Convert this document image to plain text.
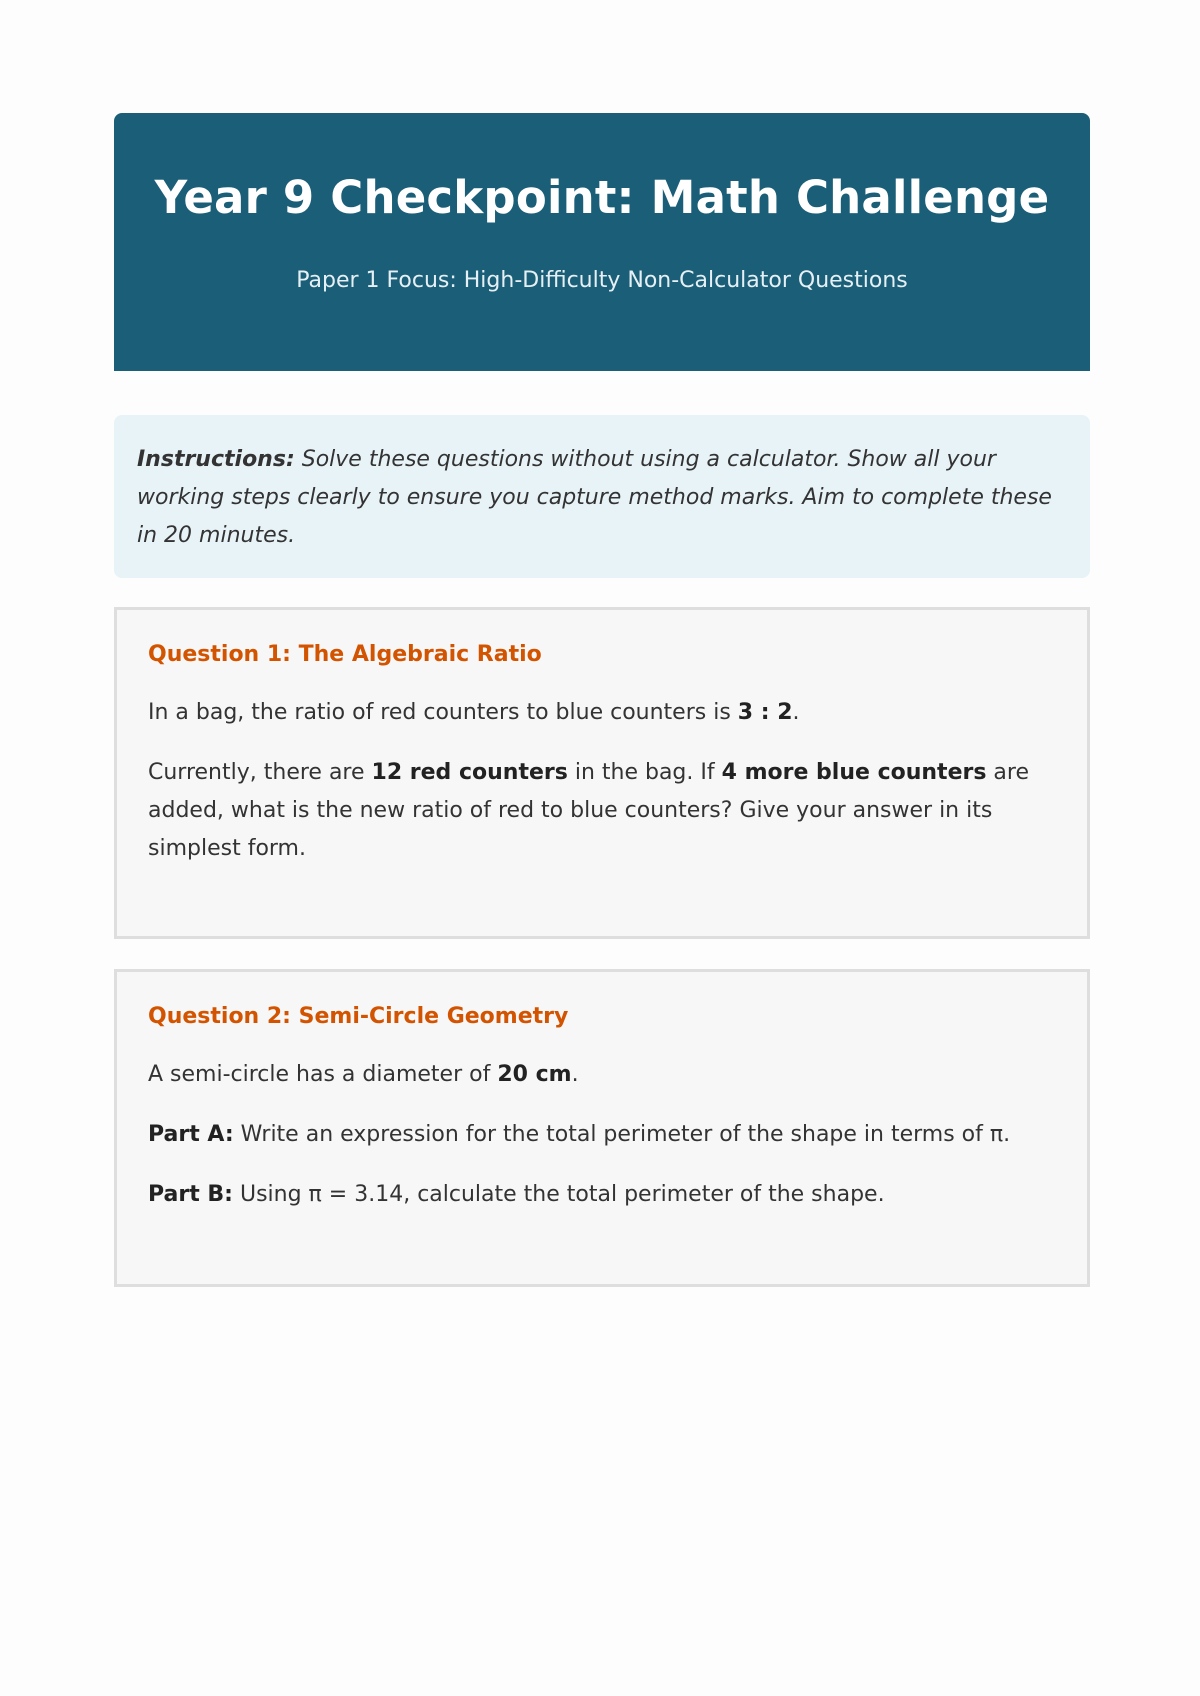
Year 9 Checkpoint: Math Challenge
Paper 1 Focus: High-Difficulty Non-Calculator Questions
Instructions: Solve these questions without using a calculator. Show all your working steps clearly to ensure you capture method marks. Aim to complete these in 20 minutes.
Question 1: The Algebraic Ratio

In a bag, the ratio of red counters to blue counters is 3 : 2.

Currently, there are 12 red counters in the bag. If 4 more blue counters are added, what is the new ratio of red to blue counters? Give your answer in its simplest form.

Question 2: Semi-Circle Geometry

A semi-circle has a diameter of 20 cm.

Part A: Write an expression for the total perimeter of the shape in terms of π.

Part B: Using π = 3.14, calculate the total perimeter of the shape.
